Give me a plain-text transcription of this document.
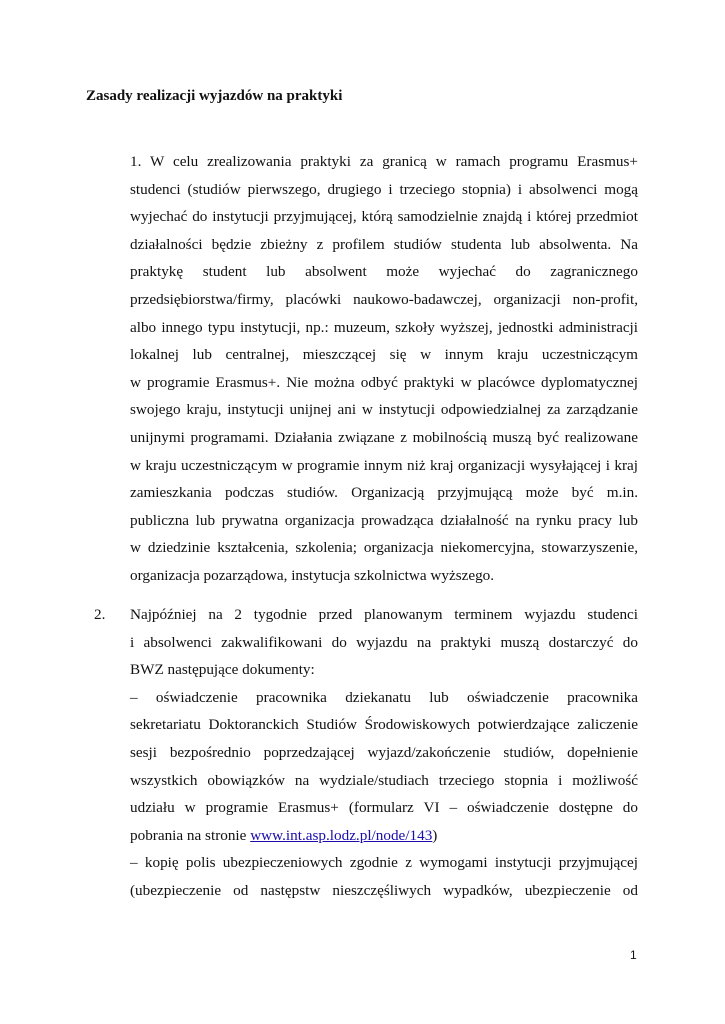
Zasady realizacji wyjazdów na praktyki
1. W celu zrealizowania praktyki za granicą w ramach programu Erasmus+
studenci (studiów pierwszego, drugiego i trzeciego stopnia) i absolwenci mogą
wyjechać do instytucji przyjmującej, którą samodzielnie znajdą i której przedmiot
działalności będzie zbieżny z profilem studiów studenta lub absolwenta. Na
praktykę student lub absolwent może wyjechać do zagranicznego
przedsiębiorstwa/firmy, placówki naukowo-badawczej, organizacji non-profit,
albo innego typu instytucji, np.: muzeum, szkoły wyższej, jednostki administracji
lokalnej lub centralnej, mieszczącej się w innym kraju uczestniczącym
w programie Erasmus+. Nie można odbyć praktyki w placówce dyplomatycznej
swojego kraju, instytucji unijnej ani w instytucji odpowiedzialnej za zarządzanie
unijnymi programami. Działania związane z mobilnością muszą być realizowane
w kraju uczestniczącym w programie innym niż kraj organizacji wysyłającej i kraj
zamieszkania podczas studiów. Organizacją przyjmującą może być m.in.
publiczna lub prywatna organizacja prowadząca działalność na rynku pracy lub
w dziedzinie kształcenia, szkolenia; organizacja niekomercyjna, stowarzyszenie,
organizacja pozarządowa, instytucja szkolnictwa wyższego.
2. Najpóźniej na 2 tygodnie przed planowanym terminem wyjazdu studenci
i absolwenci zakwalifikowani do wyjazdu na praktyki muszą dostarczyć do
BWZ następujące dokumenty:
– oświadczenie pracownika dziekanatu lub oświadczenie pracownika
sekretariatu Doktoranckich Studiów Środowiskowych potwierdzające zaliczenie
sesji bezpośrednio poprzedzającej wyjazd/zakończenie studiów, dopełnienie
wszystkich obowiązków na wydziale/studiach trzeciego stopnia i możliwość
udziału w programie Erasmus+ (formularz VI – oświadczenie dostępne do
pobrania na stronie www.int.asp.lodz.pl/node/143)
– kopię polis ubezpieczeniowych zgodnie z wymogami instytucji przyjmującej
(ubezpieczenie od następstw nieszczęśliwych wypadków, ubezpieczenie od
1
